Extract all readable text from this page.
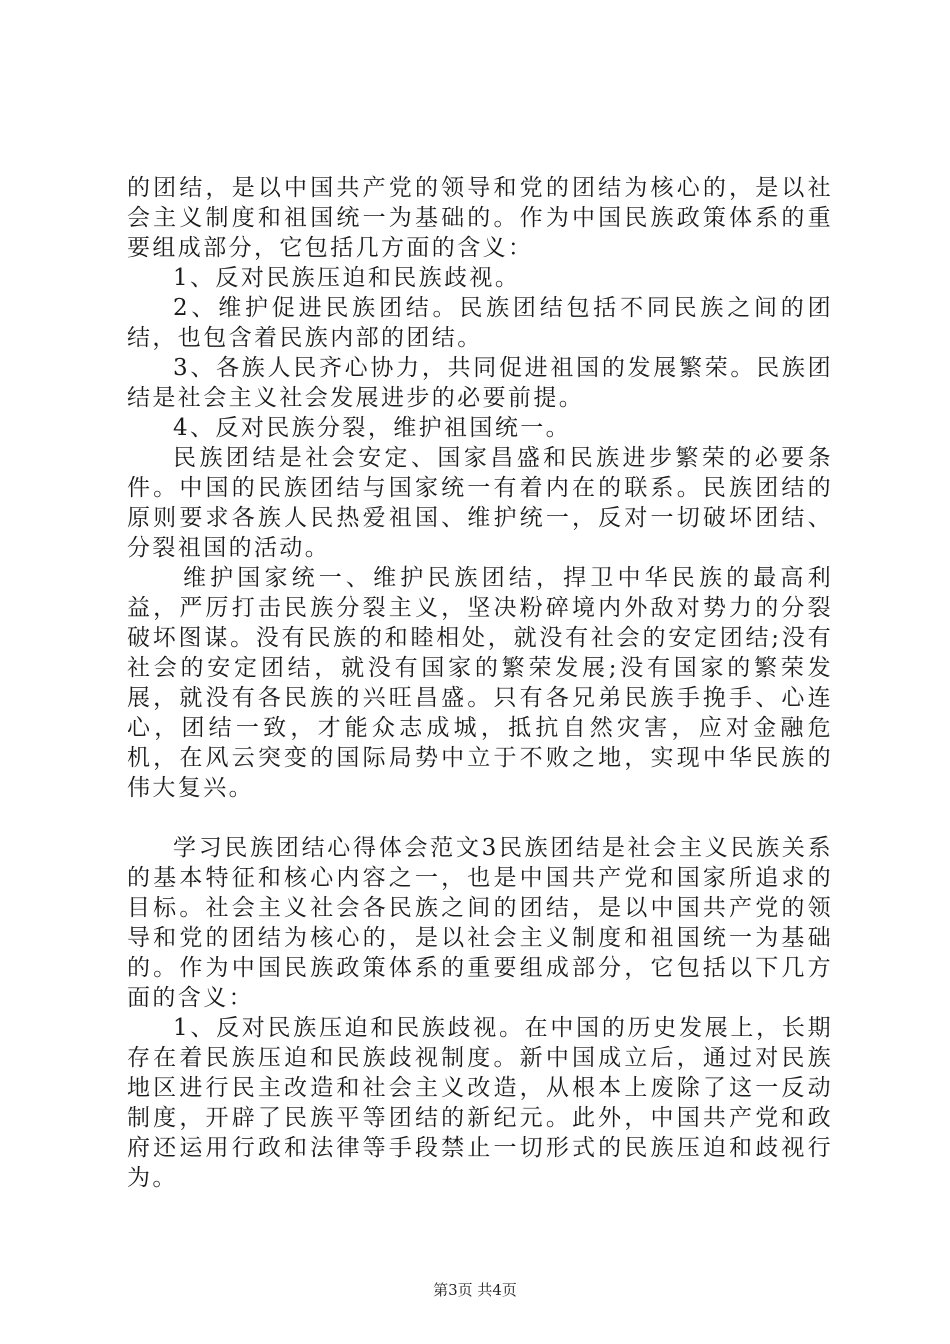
的团结，是以中国共产党的领导和党的团结为核心的，是以社会主义制度和祖国统一为基础的。作为中国民族政策体系的重要组成部分，它包括几方面的含义：

1、反对民族压迫和民族歧视。

2、维护促进民族团结。民族团结包括不同民族之间的团结，也包含着民族内部的团结。

3、各族人民齐心协力，共同促进祖国的发展繁荣。民族团结是社会主义社会发展进步的必要前提。

4、反对民族分裂，维护祖国统一。

民族团结是社会安定、国家昌盛和民族进步繁荣的必要条件。中国的民族团结与国家统一有着内在的联系。民族团结的原则要求各族人民热爱祖国、维护统一，反对一切破坏团结、分裂祖国的活动。

维护国家统一、维护民族团结，捍卫中华民族的最高利益，严厉打击民族分裂主义，坚决粉碎境内外敌对势力的分裂破坏图谋。没有民族的和睦相处，就没有社会的安定团结;没有社会的安定团结，就没有国家的繁荣发展;没有国家的繁荣发展，就没有各民族的兴旺昌盛。只有各兄弟民族手挽手、心连心，团结一致，才能众志成城，抵抗自然灾害，应对金融危机，在风云突变的国际局势中立于不败之地，实现中华民族的伟大复兴。

学习民族团结心得体会范文3民族团结是社会主义民族关系的基本特征和核心内容之一，也是中国共产党和国家所追求的目标。社会主义社会各民族之间的团结，是以中国共产党的领导和党的团结为核心的，是以社会主义制度和祖国统一为基础的。作为中国民族政策体系的重要组成部分，它包括以下几方面的含义：

1、反对民族压迫和民族歧视。在中国的历史发展上，长期存在着民族压迫和民族歧视制度。新中国成立后，通过对民族地区进行民主改造和社会主义改造，从根本上废除了这一反动制度，开辟了民族平等团结的新纪元。此外，中国共产党和政府还运用行政和法律等手段禁止一切形式的民族压迫和歧视行为。

第3页 共4页
